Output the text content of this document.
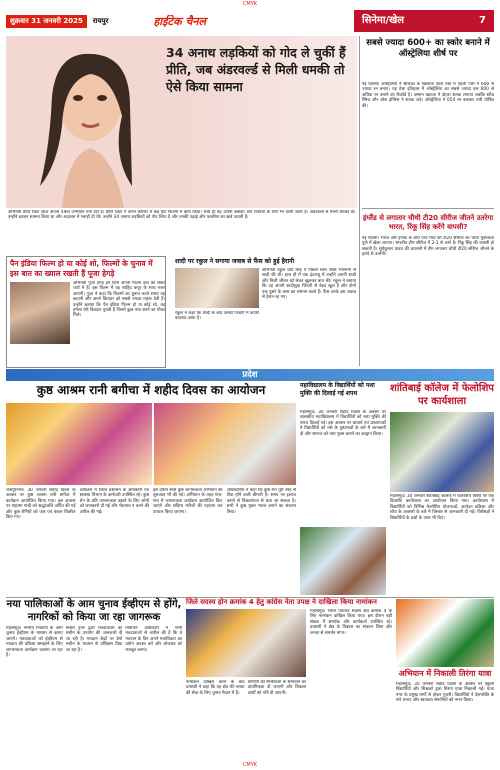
CMYK
शुक्रवार 31 जनवरी 2025	रायपुर	हाईटेक चैनल	सिनेमा/खेल	7
34 अनाथ लड़कियों को गोद ले चुकीं हैं प्रीति, जब अंडरवर्ल्ड से मिली धमकी तो ऐसे किया सामना
अभिनेत्री प्रीति जिंटा आज अपना 49वां जन्मदिन मना रही हैं। प्रीति जिंटा ने अपने करियर में कई हिट फिल्मों में काम किया। साथ ही वह अपनी बेबाकी और निडरता के लिए भी जानी जाती हैं। अंडरवर्ल्ड से मिली धमकी का उन्होंने डटकर सामना किया था और अदालत में गवाही दी थी। उन्होंने 34 अनाथ लड़कियों को गोद लिया है और उनकी पढ़ाई और परवरिश का खर्च उठाती हैं।
सबसे ज्यादा 600+ का स्कोर बनाने में ऑस्ट्रेलिया शीर्ष पर
नई दिल्ली। ऑस्ट्रेलिया ने श्रीलंका के खिलाफ पहले टेस्ट में पहली पारी में 600 से ज्यादा रन बनाए। यह टेस्ट इतिहास में ऑस्ट्रेलिया का सबसे ज्यादा बार 600 से अधिक रन बनाने का रिकॉर्ड है। उस्मान ख्वाजा ने दोहरा शतक लगाया जबकि स्टीव स्मिथ और जोश इंग्लिस ने शतक जड़े। ऑस्ट्रेलिया ने 654 रन बनाकर पारी घोषित की।
इंग्लैंड से लगातार चौथी टी20 सीरीज जीतने उतरेगा भारत, रिंकू सिंह करेंगे वापसी?
नई दिल्ली। भारत और इंग्लैंड के बीच पांच मैचों की टी20 सीरीज का चौथा मुकाबला पुणे में खेला जाएगा। भारतीय टीम सीरीज में 2-1 से आगे है। रिंकू सिंह की वापसी हो सकती है। सूर्यकुमार यादव की कप्तानी में टीम लगातार चौथी टी20 सीरीज जीतने के इरादे से उतरेगी।
पैन इंडिया फिल्म हो या कोई शो, फिल्मों के चुनाव में इस बात का ख्याल रखती हैं पूजा हेगड़े
अभिनेत्री पूजा हेगड़े इन दिनों अपनी फिल्म देवा को लेकर चर्चा में हैं। इस फिल्म में वह शाहिद कपूर के साथ नजर आएंगी। पूजा ने कहा कि फिल्मों का चुनाव करते समय वह कहानी और अपने किरदार को सबसे ज्यादा महत्व देती हैं। उन्होंने बताया कि पैन इंडिया फिल्म हो या कोई शो, वह हमेशा ऐसे किरदार चुनती हैं जिनमें कुछ नया करने का मौका मिले।
शादी पर रकुल ने सगाया जवाब से फैंस को हुई हैरानी
अभिनेत्री रकुल प्रीत सिंह ने पिछले साल जैकी भगनानी से शादी की थी। हाल ही में एक इंटरव्यू में उन्होंने अपनी शादी और निजी जीवन को लेकर खुलकर बात की। रकुल ने बताया कि वह अपनी शादीशुदा जिंदगी से बेहद खुश हैं और दोनों एक दूसरे के काम का सम्मान करते हैं। फैंस उनके इस जवाब से हैरान रह गए।
रकुल ने कहा कि शादी के बाद उनकी जिंदगी में काफी बदलाव आया है।
प्रदेश
कुष्ठ आश्रम रानी बगीचा में शहीद दिवस का आयोजन
जशपुरनगर। 30 जनवरी शहीद दिवस के अवसर पर कुष्ठ आश्रम रानी बगीचा में कार्यक्रम आयोजित किया गया। इस अवसर पर महात्मा गांधी को श्रद्धांजलि अर्पित की गई और कुष्ठ रोगियों को फल एवं कंबल वितरित किए गए।
कार्यक्रम में जिला प्रशासन के अधिकारी एवं स्वास्थ्य विभाग के कर्मचारी उपस्थित रहे। कुष्ठ रोग के प्रति जागरूकता बढ़ाने के लिए लोगों को जानकारी दी गई और भेदभाव न करने की अपील की गई।
इस दौरान स्पर्श कुष्ठ जागरूकता अभियान की शुरुआत भी की गई। अभियान के तहत गांव-गांव में जागरूकता कार्यक्रम आयोजित किए जाएंगे और संदिग्ध मरीजों की पहचान कर उपचार किया जाएगा।
अधिकारियों ने कहा कि कुष्ठ रोग पूरी तरह से ठीक होने वाली बीमारी है। समय पर इलाज कराने से विकलांगता से बचा जा सकता है। सभी ने कुष्ठ मुक्त भारत बनाने का संकल्प लिया।
महाविद्यालय के विद्यार्थियों को नशा मुक्ति की दिलाई गई शपथ
महासमुंद। 30 जनवरी शहीद दिवस के अवसर पर शासकीय महाविद्यालय में विद्यार्थियों को नशा मुक्ति की शपथ दिलाई गई। इस अवसर पर प्राचार्य एवं प्राध्यापकों ने विद्यार्थियों को नशे के दुष्प्रभावों के बारे में जानकारी दी और समाज को नशा मुक्त बनाने का आह्वान किया।
शांतिबाई कॉलेज में फेलोशिप पर कार्यशाला
महासमुंद। 30 जनवरी शांतिबाई कॉलेज में फेलोशिप विषय पर एक दिवसीय कार्यशाला का आयोजन किया गया। कार्यशाला में विद्यार्थियों को विभिन्न फेलोशिप योजनाओं, आवेदन प्रक्रिया और शोध के अवसरों के बारे में विस्तार से जानकारी दी गई। विशेषज्ञों ने विद्यार्थियों के प्रश्नों के उत्तर भी दिए।
नया पालिकाओं के आम चुनाव ईव्हीएम से होंगे, नागरिकों को किया जा रहा जागरूक
महासमुंद। नगरीय निकायों के आम चुनाव ईव्हीएम के माध्यम से कराए जाएंगे। मतदाताओं को ईव्हीएम से मतदान की प्रक्रिया समझाने के लिए जागरूकता कार्यक्रम चलाया जा रहा है।
मास्टर ट्रेनर द्वारा मतदाताओं को मशीन के उपयोग की जानकारी दी जा रही है। मतदान केंद्रों पर डेमो मशीन के माध्यम से प्रशिक्षण दिया जा रहा है।
निर्वाचन अधिकारी ने सभी मतदाताओं से अपील की है कि वे मतदान के दिन अपने मताधिकार का प्रयोग अवश्य करें और लोकतंत्र को मजबूत बनाएं।
जिले सदस्य होन क्रमांक 4 हेतु कांग्रेस नेता उपक्ष ने दाखिला किया नामांकन
महासमुंद। जिला पंचायत सदस्य क्षेत्र क्रमांक 4 के लिए नामांकन दाखिल किया गया। इस दौरान बड़ी संख्या में समर्थक और कार्यकर्ता उपस्थित रहे। प्रत्याशी ने क्षेत्र के विकास का संकल्प लिया और जनता से समर्थन मांगा।
नामांकन दाखिल करने के बाद प्रत्याशी ने कहा कि वह क्षेत्र की जनता की सेवा के लिए चुनाव मैदान में हैं।
ग्रामीणों की समस्याओं के समाधान को प्राथमिकता दी जाएगी और विकास कार्यों को गति दी जाएगी।
अभियान में निकाली तिरंगा यात्रा
महासमुंद। 30 जनवरी शहीद दिवस के अवसर पर स्कूली विद्यार्थियों और शिक्षकों द्वारा तिरंगा यात्रा निकाली गई। यात्रा नगर के प्रमुख मार्गों से होकर गुजरी। विद्यार्थियों ने देशभक्ति के नारे लगाए और स्वतंत्रता सेनानियों को नमन किया।
CMYK
